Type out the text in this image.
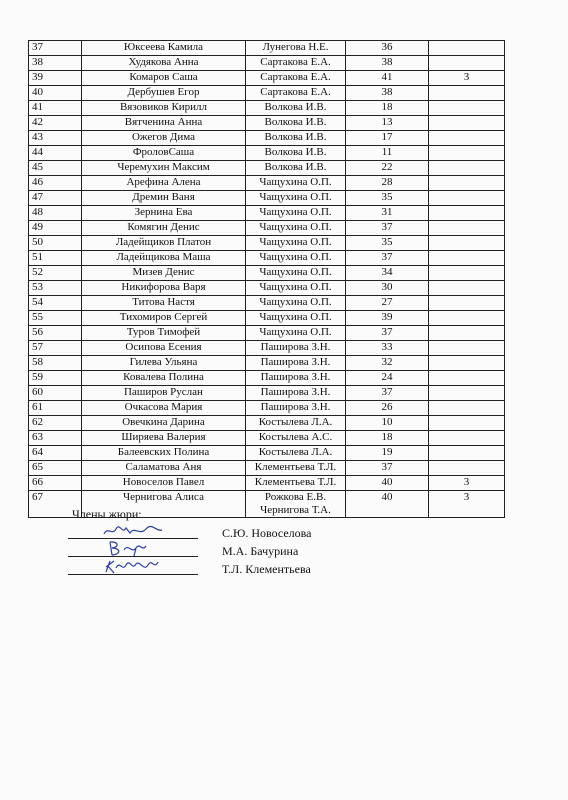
37	Юксеева Камила	Лунегова Н.Е.	36	
38	Худякова Анна	Сартакова Е.А.	38	
39	Комаров Саша	Сартакова Е.А.	41	3
40	Дербушев Егор	Сартакова Е.А.	38	
41	Вязовиков Кирилл	Волкова И.В.	18	
42	Вятченина Анна	Волкова И.В.	13	
43	Ожегов Дима	Волкова И.В.	17	
44	ФроловСаша	Волкова И.В.	11	
45	Черемухин Максим	Волкова И.В.	22	
46	Арефина Алена	Чащухина О.П.	28	
47	Дремин Ваня	Чащухина О.П.	35	
48	Зернина Ева	Чащухина О.П.	31	
49	Комягин Денис	Чащухина О.П.	37	
50	Ладейщиков Платон	Чащухина О.П.	35	
51	Ладейщикова Маша	Чащухина О.П.	37	
52	Мизев Денис	Чащухина О.П.	34	
53	Никифорова Варя	Чащухина О.П.	30	
54	Титова Настя	Чащухина О.П.	27	
55	Тихомиров Сергей	Чащухина О.П.	39	
56	Туров Тимофей	Чащухина О.П.	37	
57	Осипова Есения	Паширова З.Н.	33	
58	Гилева Ульяна	Паширова З.Н.	32	
59	Ковалева Полина	Паширова З.Н.	24	
60	Паширов Руслан	Паширова З.Н.	37	
61	Очкасова Мария	Паширова З.Н.	26	
62	Овечкина Дарина	Костылева Л.А.	10	
63	Ширяева Валерия	Костылева А.С.	18	
64	Балеевских Полина	Костылева Л.А.	19	
65	Саламатова Аня	Клементьева Т.Л.	37	
66	Новоселов Павел	Клементьева Т.Л.	40	3
67	Чернигова Алиса	Рожкова Е.В.
Чернигова Т.А.	40	3
Члены жюри:
С.Ю. Новоселова
М.А. Бачурина
Т.Л. Клементьева
